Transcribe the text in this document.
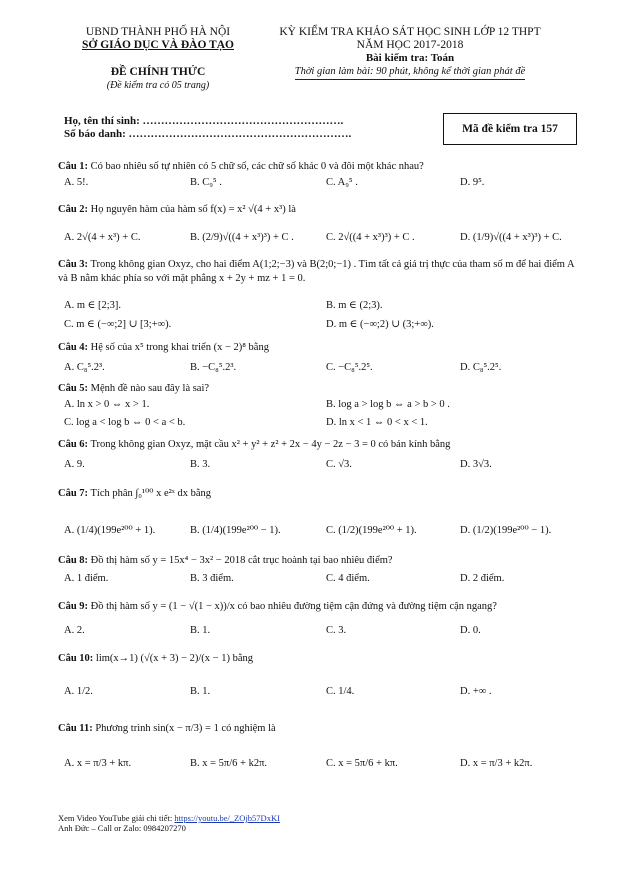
UBND THÀNH PHỐ HÀ NỘI
SỞ GIÁO DỤC VÀ ĐÀO TẠO
ĐỀ CHÍNH THỨC
(Đề kiểm tra có 05 trang)
KỲ KIỂM TRA KHẢO SÁT HỌC SINH LỚP 12 THPT
NĂM HỌC 2017-2018
Bài kiểm tra: Toán
Thời gian làm bài: 90 phút, không kể thời gian phát đề
Họ, tên thí sinh: ……………………………………………….
Số báo danh: …………………………………………………….	Mã đề kiểm tra 157
Câu 1: Có bao nhiêu số tự nhiên có 5 chữ số, các chữ số khác 0 và đôi một khác nhau?
A. 5!.	B. C₉⁵ .	C. A₉⁵ .	D. 9⁵.
Câu 2: Họ nguyên hàm của hàm số f(x) = x² √(4 + x³) là
A. 2√(4 + x³) + C.	B. (2/9)√((4 + x³)³) + C .	C. 2√((4 + x³)³) + C .	D. (1/9)√((4 + x³)³) + C.
Câu 3: Trong không gian Oxyz, cho hai điểm A(1;2;−3) và B(2;0;−1) . Tìm tất cả giá trị thực của tham số m để hai điểm A và B nằm khác phía so với mặt phẳng x + 2y + mz + 1 = 0.
A. m ∈ [2;3].	B. m ∈ (2;3).
C. m ∈ (−∞;2] ∪ [3;+∞).	D. m ∈ (−∞;2) ∪ (3;+∞).
Câu 4: Hệ số của x⁵ trong khai triển (x − 2)⁸ bằng
A. C₈⁵.2³.	B. −C₈⁵.2³.	C. −C₈⁵.2⁵.	D. C₈⁵.2⁵.
Câu 5: Mệnh đề nào sau đây là sai?
A. ln x > 0 ⇔ x > 1.	B. log a > log b ⇔ a > b > 0 .
C. log a < log b ⇔ 0 < a < b.	D. ln x < 1 ⇔ 0 < x < 1.
Câu 6: Trong không gian Oxyz, mặt cầu x² + y² + z² + 2x − 4y − 2z − 3 = 0 có bán kính bằng
A. 9.	B. 3.	C. √3.	D. 3√3.
Câu 7: Tích phân ∫₀¹⁰⁰ x e²ˣ dx bằng
A. (1/4)(199e²⁰⁰ + 1).	B. (1/4)(199e²⁰⁰ − 1).	C. (1/2)(199e²⁰⁰ + 1).	D. (1/2)(199e²⁰⁰ − 1).
Câu 8: Đồ thị hàm số y = 15x⁴ − 3x² − 2018 cắt trục hoành tại bao nhiêu điểm?
A. 1 điểm.	B. 3 điểm.	C. 4 điểm.	D. 2 điểm.
Câu 9: Đồ thị hàm số y = (1 − √(1 − x))/x có bao nhiêu đường tiệm cận đứng và đường tiệm cận ngang?
A. 2.	B. 1.	C. 3.	D. 0.
Câu 10: lim(x→1) (√(x + 3) − 2)/(x − 1) bằng
A. 1/2.	B. 1.	C. 1/4.	D. +∞ .
Câu 11: Phương trình sin(x − π/3) = 1 có nghiệm là
A. x = π/3 + kπ.	B. x = 5π/6 + k2π.	C. x = 5π/6 + kπ.	D. x = π/3 + k2π.
Xem Video YouTube giải chi tiết: https://youtu.be/_ZOjb57DxKI
Anh Đức – Call or Zalo: 0984207270
